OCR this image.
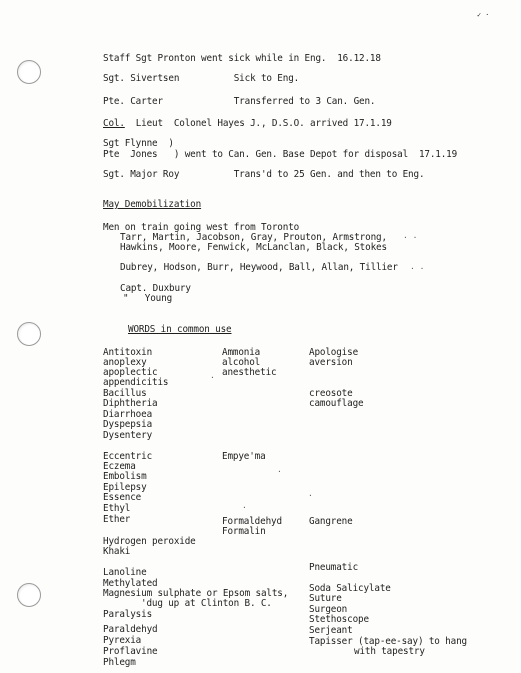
✓ ·
Staff Sgt Pronton went sick while in Eng.  16.12.18
Sgt. Sivertsen          Sick to Eng.
Pte. Carter             Transferred to 3 Can. Gen.
Col.  Lieut  Colonel Hayes J., D.S.O. arrived 17.1.19
Sgt Flynne  )
Pte  Jones   ) went to Can. Gen. Base Depot for disposal  17.1.19
Sgt. Major Roy          Trans'd to 25 Gen. and then to Eng.
May Demobilization
Men on train going west from Toronto
Tarr, Martin, Jacobson, Gray, Prouton, Armstrong,
Hawkins, Moore, Fenwick, McLanclan, Black, Stokes
Dubrey, Hodson, Burr, Heywood, Ball, Allan, Tillier
Capt. Duxbury
"   Young
WORDS in common use
Antitoxin
anoplexy
apoplectic
appendicitis
Bacillus
Diphtheria
Diarrhoea
Dyspepsia
Dysentery
Eccentric
Eczema
Embolism
Epilepsy
Essence
Ethyl
Ether
Hydrogen peroxide
Khaki
Lanoline
Methylated
Magnesium sulphate or Epsom salts,
'dug up at Clinton B. C.
Paralysis
Paraldehyd
Pyrexia
Proflavine
Phlegm
Ammonia
alcohol
anesthetic
Empye'ma
Formaldehyd
Formalin
Apologise
aversion
creosote
camouflage
Gangrene
Pneumatic
Soda Salicylate
Suture
Surgeon
Stethoscope
Serjeant
Tapisser (tap-ee-say) to hang
with tapestry
. .
. .
.
.
.
.
